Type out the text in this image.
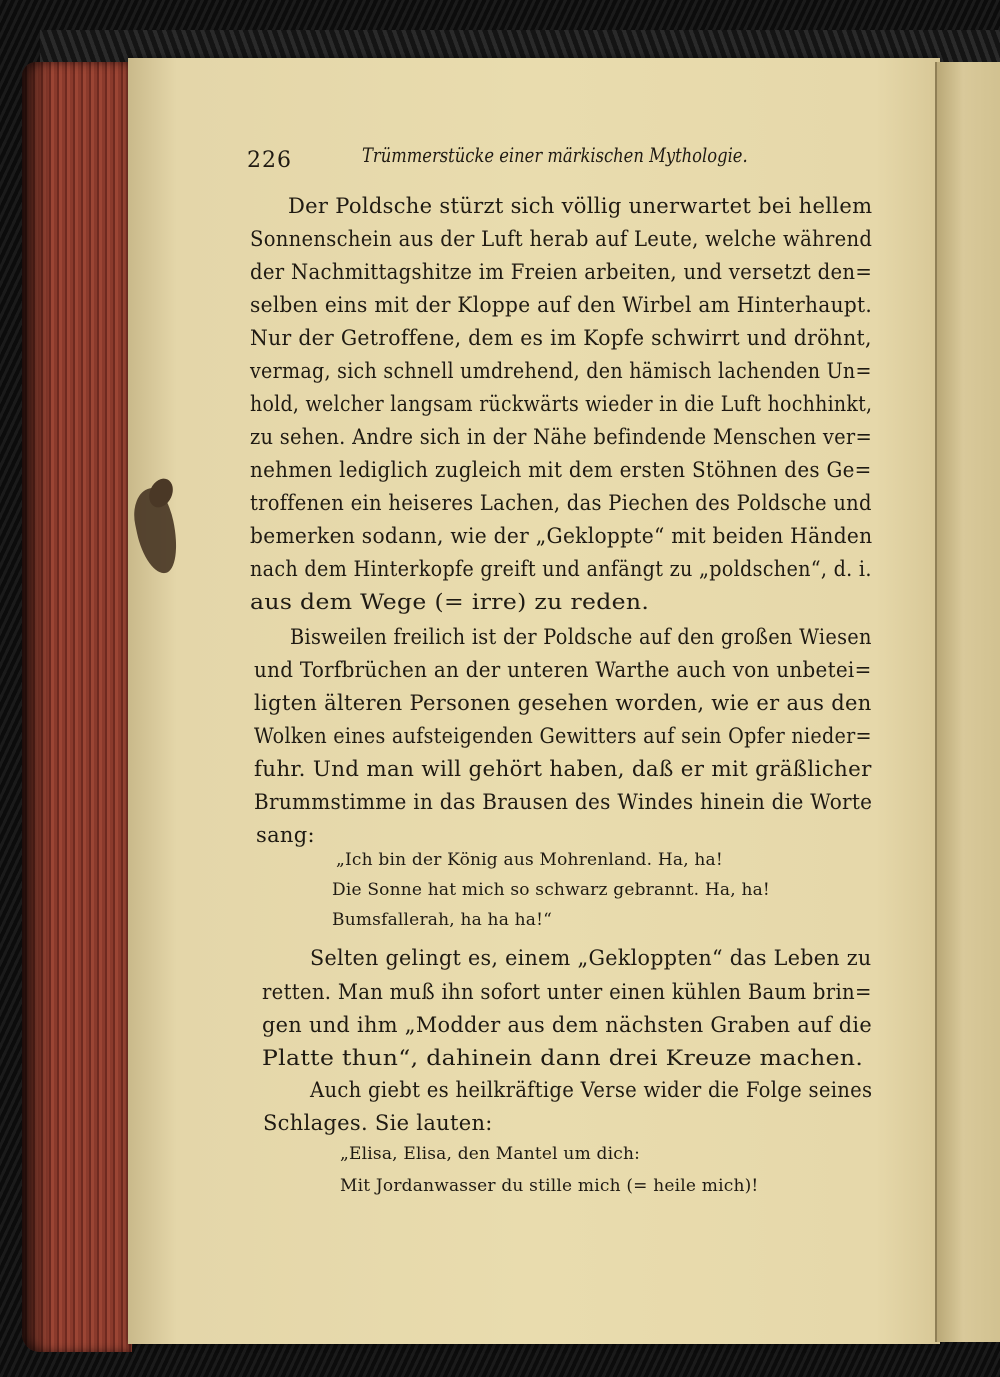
226	Trümmerstücke einer märkischen Mythologie.
Der Poldsche stürzt sich völlig unerwartet bei hellem
Sonnenschein aus der Luft herab auf Leute, welche während
der Nachmittagshitze im Freien arbeiten, und versetzt den=
selben eins mit der Kloppe auf den Wirbel am Hinterhaupt.
Nur der Getroffene, dem es im Kopfe schwirrt und dröhnt,
vermag, sich schnell umdrehend, den hämisch lachenden Un=
hold, welcher langsam rückwärts wieder in die Luft hochhinkt,
zu sehen. Andre sich in der Nähe befindende Menschen ver=
nehmen lediglich zugleich mit dem ersten Stöhnen des Ge=
troffenen ein heiseres Lachen, das Piechen des Poldsche und
bemerken sodann, wie der „Gekloppte“ mit beiden Händen
nach dem Hinterkopfe greift und anfängt zu „poldschen“, d. i.
aus dem Wege (= irre) zu reden.
Bisweilen freilich ist der Poldsche auf den großen Wiesen
und Torfbrüchen an der unteren Warthe auch von unbetei=
ligten älteren Personen gesehen worden, wie er aus den
Wolken eines aufsteigenden Gewitters auf sein Opfer nieder=
fuhr. Und man will gehört haben, daß er mit gräßlicher
Brummstimme in das Brausen des Windes hinein die Worte
sang:
„Ich bin der König aus Mohrenland. Ha, ha!
Die Sonne hat mich so schwarz gebrannt. Ha, ha!
Bumsfallerah, ha ha ha!“
Selten gelingt es, einem „Gekloppten“ das Leben zu
retten. Man muß ihn sofort unter einen kühlen Baum brin=
gen und ihm „Modder aus dem nächsten Graben auf die
Platte thun“, dahinein dann drei Kreuze machen.
Auch giebt es heilkräftige Verse wider die Folge seines
Schlages. Sie lauten:
„Elisa, Elisa, den Mantel um dich:
Mit Jordanwasser du stille mich (= heile mich)!
